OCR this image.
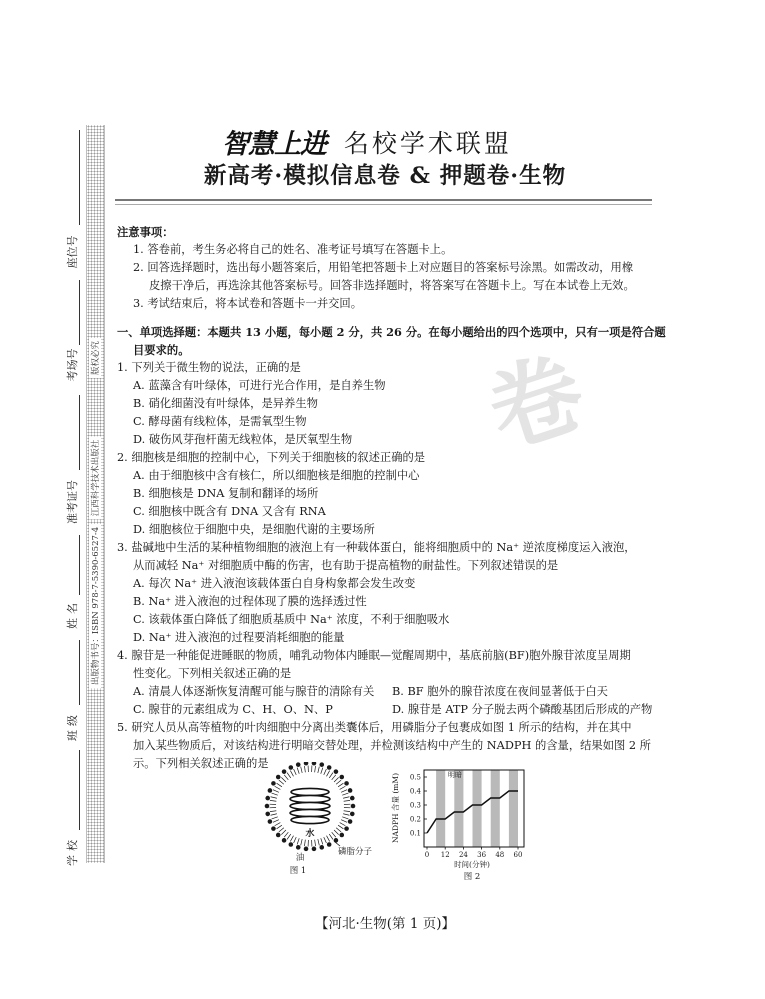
座位号
考场号
准考证号
姓名
班级
学校
版权必究
江西科学技术出版社
出版物书号：ISBN 978-7-5390-6527-4
卷
智慧上进
· 名校学术联盟
新高考·模拟信息卷 & 押题卷·生物
注意事项：
1. 答卷前，考生务必将自己的姓名、准考证号填写在答题卡上。
2. 回答选择题时，选出每小题答案后，用铅笔把答题卡上对应题目的答案标号涂黑。如需改动，用橡
皮擦干净后，再选涂其他答案标号。回答非选择题时，将答案写在答题卡上。写在本试卷上无效。
3. 考试结束后，将本试卷和答题卡一并交回。
一、单项选择题：本题共 13 小题，每小题 2 分，共 26 分。在每小题给出的四个选项中，只有一项是符合题
目要求的。
1. 下列关于微生物的说法，正确的是
A. 蓝藻含有叶绿体，可进行光合作用，是自养生物
B. 硝化细菌没有叶绿体，是异养生物
C. 酵母菌有线粒体，是需氧型生物
D. 破伤风芽孢杆菌无线粒体，是厌氧型生物
2. 细胞核是细胞的控制中心，下列关于细胞核的叙述正确的是
A. 由于细胞核中含有核仁，所以细胞核是细胞的控制中心
B. 细胞核是 DNA 复制和翻译的场所
C. 细胞核中既含有 DNA 又含有 RNA
D. 细胞核位于细胞中央，是细胞代谢的主要场所
3. 盐碱地中生活的某种植物细胞的液泡上有一种载体蛋白，能将细胞质中的 Na⁺ 逆浓度梯度运入液泡，
从而减轻 Na⁺ 对细胞质中酶的伤害，也有助于提高植物的耐盐性。下列叙述错误的是
A. 每次 Na⁺ 进入液泡该载体蛋白自身构象都会发生改变
B. Na⁺ 进入液泡的过程体现了膜的选择透过性
C. 该载体蛋白降低了细胞质基质中 Na⁺ 浓度，不利于细胞吸水
D. Na⁺ 进入液泡的过程要消耗细胞的能量
4. 腺苷是一种能促进睡眠的物质，哺乳动物体内睡眠—觉醒周期中，基底前脑(BF)胞外腺苷浓度呈周期
性变化。下列相关叙述正确的是
A. 清晨人体逐渐恢复清醒可能与腺苷的清除有关 B. BF 胞外的腺苷浓度在夜间显著低于白天
C. 腺苷的元素组成为 C、H、O、N、P	D. 腺苷是 ATP 分子脱去两个磷酸基团后形成的产物
5. 研究人员从高等植物的叶肉细胞中分离出类囊体后，用磷脂分子包裹成如图 1 所示的结构，并在其中
加入某些物质后，对该结构进行明暗交替处理，并检测该结构中产生的 NADPH 的含量，结果如图 2 所
示。下列相关叙述正确的是
水
磷脂分子
油
图 1
0.1
0.2
0.3
0.4
0.5
0 12 24 36 48 60
明暗
NADPH 含量 (mM)
时间(分钟)
图 2
【河北·生物(第 1 页)】
